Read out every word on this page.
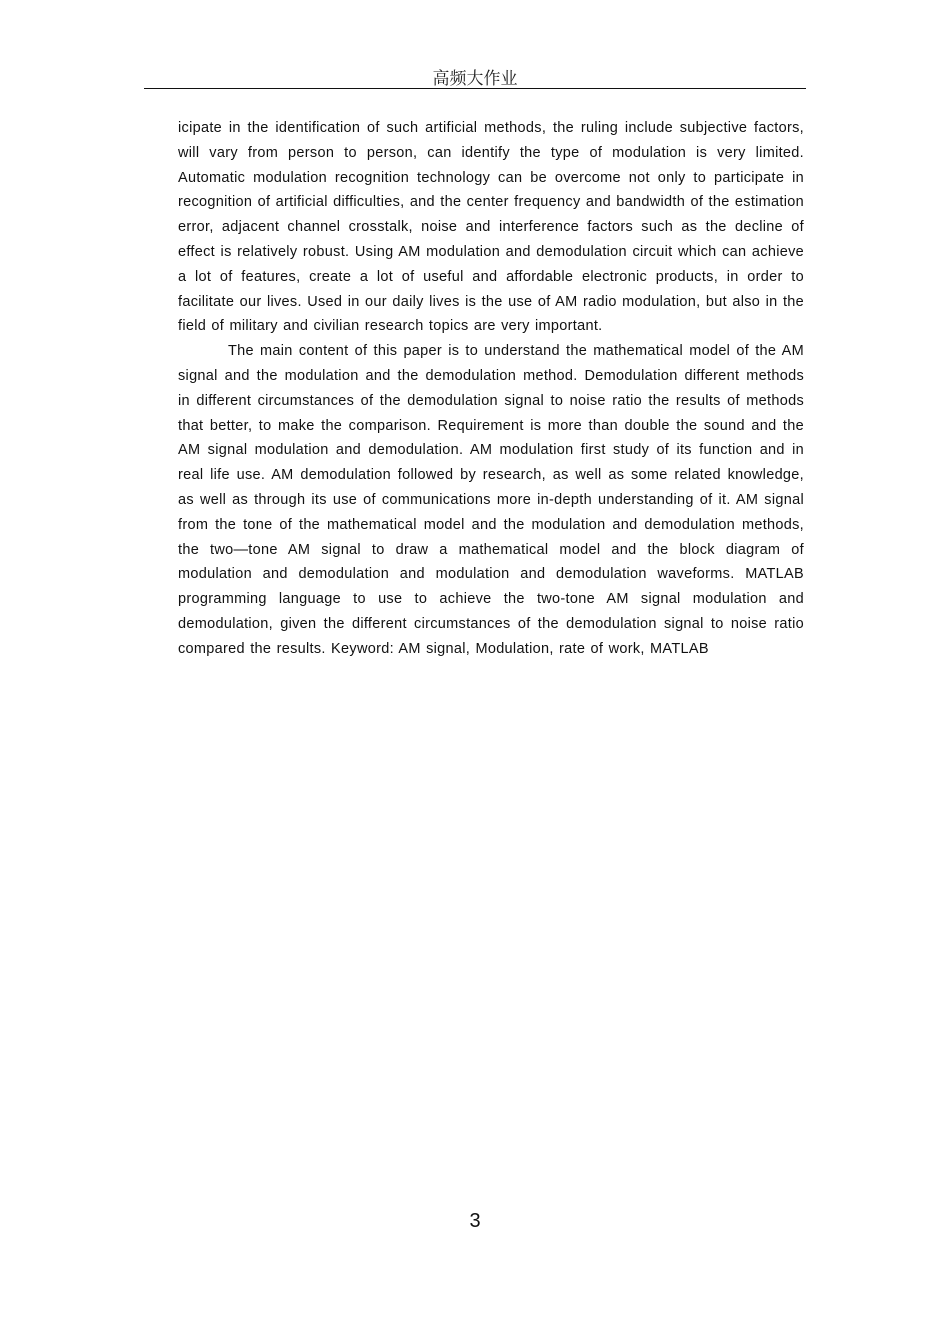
高频大作业

icipate in the identification of such artificial methods, the ruling include subjective factors, will vary from person to person, can identify the type of modulation is very limited. Automatic modulation recognition technology can be overcome not only to participate in recognition of artificial difficulties, and the center frequency and bandwidth of the estimation error, adjacent channel crosstalk, noise and interference factors such as the decline of effect is relatively robust. Using AM modulation and demodulation circuit which can achieve a lot of features, create a lot of useful and affordable electronic products, in order to facilitate our lives. Used in our daily lives is the use of AM radio modulation, but also in the field of military and civilian research topics are very important.

The main content of this paper is to understand the mathematical model of the AM signal and the modulation and the demodulation method. Demodulation different methods in different circumstances of the demodulation signal to noise ratio the results of methods that better, to make the comparison. Requirement is more than double the sound and the AM signal modulation and demodulation. AM modulation first study of its function and in real life use. AM demodulation followed by research, as well as some related knowledge, as well as through its use of communications more in-depth understanding of it. AM signal from the tone of the mathematical model and the modulation and demodulation methods, the two—tone AM signal to draw a mathematical model and the block diagram of modulation and demodulation and modulation and demodulation waveforms. MATLAB programming language to use to achieve the two-tone AM signal modulation and demodulation, given the different circumstances of the demodulation signal to noise ratio compared the results. Keyword: AM signal, Modulation, rate of work, MATLAB

3
